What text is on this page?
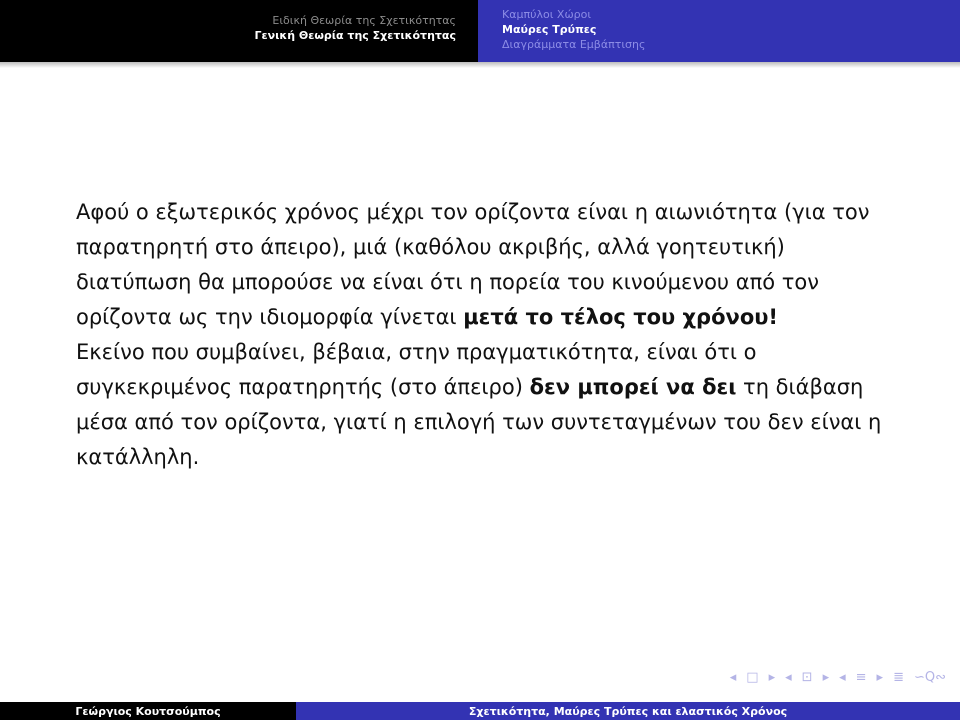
Ειδική Θεωρία της Σχετικότητας
Γενική Θεωρία της Σχετικότητας
Καμπύλοι Χώροι
Μαύρες Τρύπες
Διαγράμματα Εμβάπτισης

Αφού ο εξωτερικός χρόνος μέχρι τον ορίζοντα είναι η αιωνιότητα (για τον παρατηρητή στο άπειρο), μιά (καθόλου ακριβής, αλλά γοητευτική) διατύπωση θα μπορούσε να είναι ότι η πορεία του κινούμενου από τον ορίζοντα ως την ιδιομορφία γίνεται μετά το τέλος του χρόνου!

Εκείνο που συμβαίνει, βέβαια, στην πραγματικότητα, είναι ότι ο συγκεκριμένος παρατηρητής (στο άπειρο) δεν μπορεί να δει τη διάβαση μέσα από τον ορίζοντα, γιατί η επιλογή των συντεταγμένων του δεν είναι η κατάλληλη.

◂ □ ▸ ◂ ⊡ ▸ ◂ ≡ ▸ ≣ ∽Q∾
Γεώργιος Κουτσούμπος	Σχετικότητα, Μαύρες Τρύπες και ελαστικός Χρόνος
